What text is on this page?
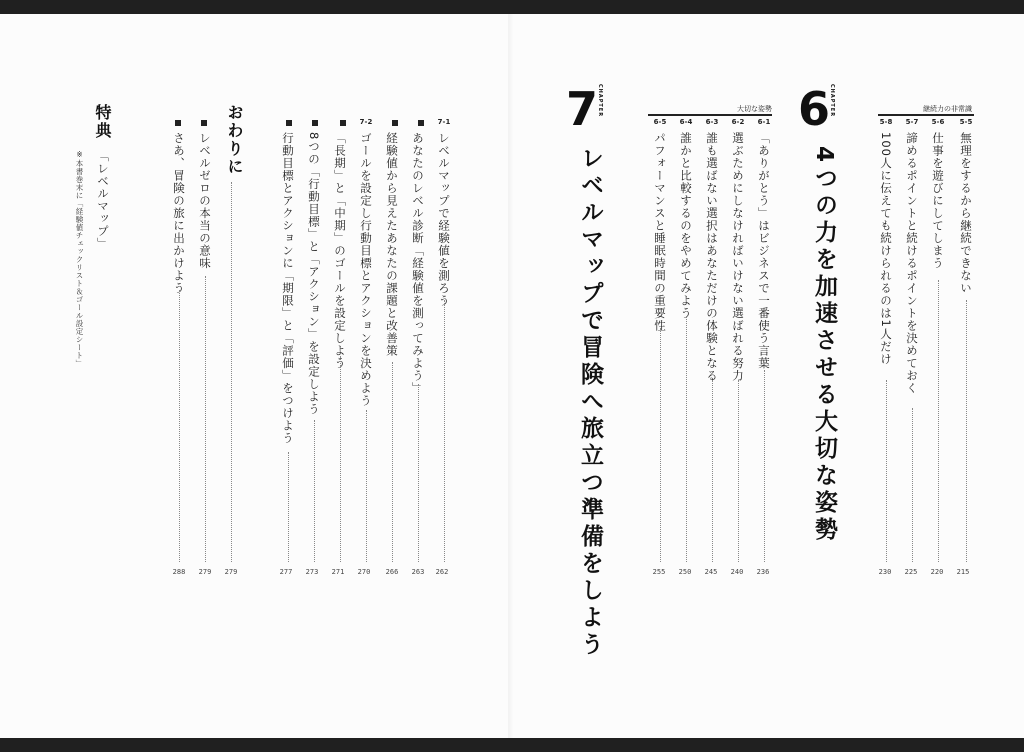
6
CHAPTER
4つの力を加速させる大切な姿勢
継続力の非常識
大切な姿勢
5-5
5-6
5-7
5-8
6-1
6-2
6-3
6-4
6-5
無理をするから継続できない
仕事を遊びにしてしまう
諦めるポイントと続けるポイントを決めておく
100人に伝えても続けられるのは1人だけ
「ありがとう」はビジネスで一番使う言葉
選ぶためにしなければいけない選ばれる努力
誰も選ばない選択はあなただけの体験となる
誰かと比較するのをやめてみよう
パフォーマンスと睡眠時間の重要性
215
220
225
230
236
240
245
250
255
7
CHAPTER
レベルマップで冒険へ旅立つ準備をしよう
7-1
7-2
レベルマップで経験値を測ろう
あなたのレベル診断「経験値を測ってみよう」
経験値から見えたあなたの課題と改善策
ゴールを設定し行動目標とアクションを決めよう
「長期」と「中期」のゴールを設定しよう
8つの「行動目標」と「アクション」を設定しよう
行動目標とアクションに「期限」と「評価」をつけよう
262
263
266
270
271
273
277
おわりに
279
レベルゼロの本当の意味
279
さあ、冒険の旅に出かけよう
288
特典
「レベルマップ」
※本書巻末に「経験値チェックリスト＆ゴール設定シート」
